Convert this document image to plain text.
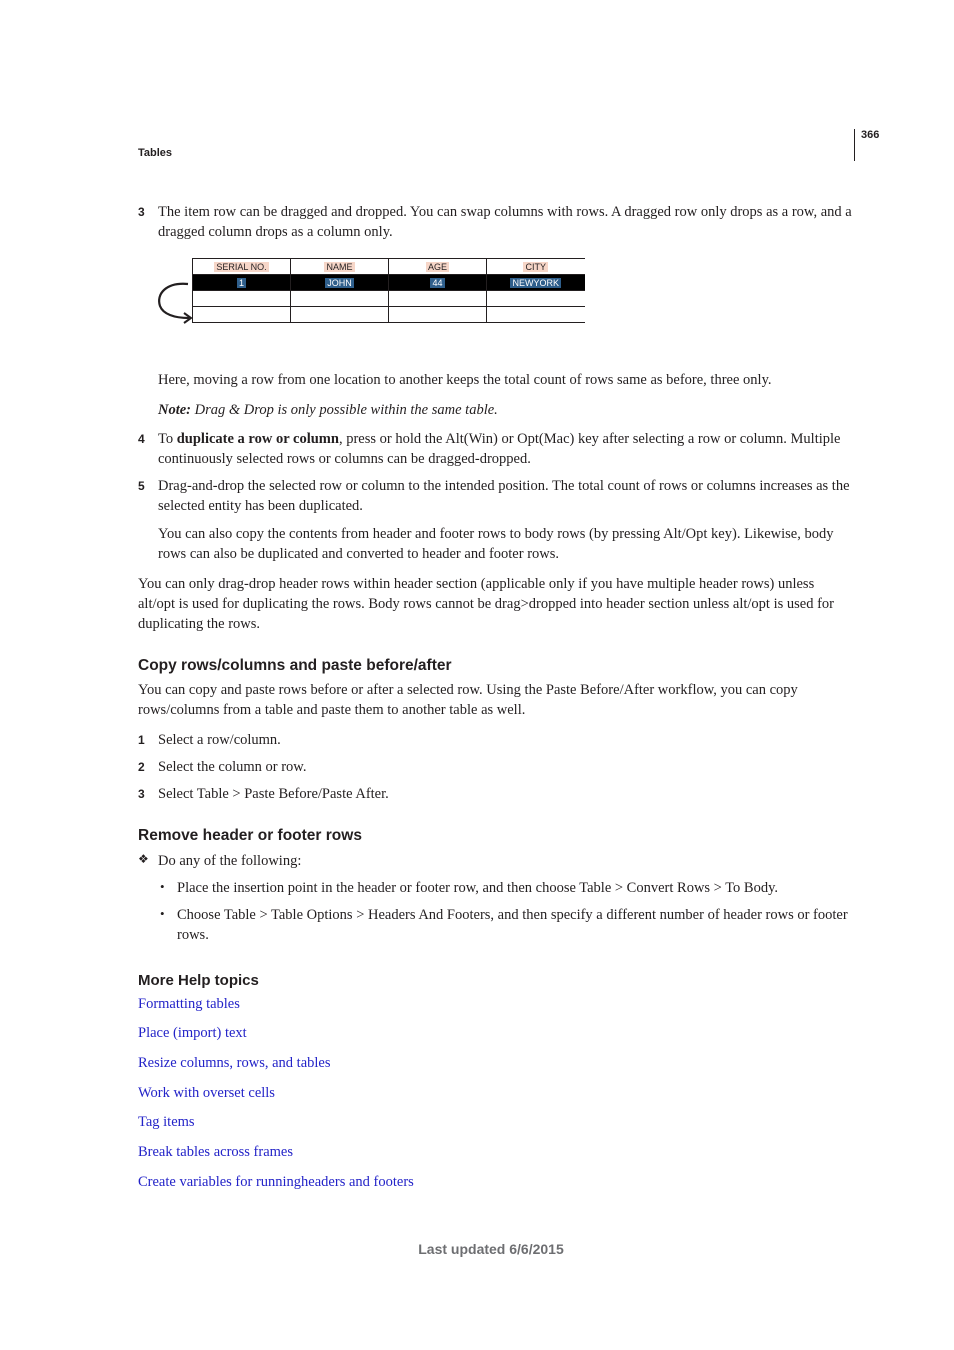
Tables
366
3 The item row can be dragged and dropped. You can swap columns with rows. A dragged row only drops as a row, and a dragged column drops as a column only.
SERIAL NO.	NAME	AGE	CITY
1	JOHN	44	NEWYORK

Here, moving a row from one location to another keeps the total count of rows same as before, three only.
Note: Drag & Drop is only possible within the same table.
4 To duplicate a row or column, press or hold the Alt(Win) or Opt(Mac) key after selecting a row or column. Multiple continuously selected rows or columns can be dragged-dropped.
5 Drag-and-drop the selected row or column to the intended position. The total count of rows or columns increases as the selected entity has been duplicated.
You can also copy the contents from header and footer rows to body rows (by pressing Alt/Opt key). Likewise, body rows can also be duplicated and converted to header and footer rows.
You can only drag-drop header rows within header section (applicable only if you have multiple header rows) unless alt/opt is used for duplicating the rows. Body rows cannot be drag>dropped into header section unless alt/opt is used for duplicating the rows.
Copy rows/columns and paste before/after
You can copy and paste rows before or after a selected row. Using the Paste Before/After workflow, you can copy rows/columns from a table and paste them to another table as well.
1 Select a row/column.
2 Select the column or row.
3 Select Table > Paste Before/Paste After.
Remove header or footer rows
❖ Do any of the following:
• Place the insertion point in the header or footer row, and then choose Table > Convert Rows > To Body.
• Choose Table > Table Options > Headers And Footers, and then specify a different number of header rows or footer rows.
More Help topics
Formatting tables
Place (import) text
Resize columns, rows, and tables
Work with overset cells
Tag items
Break tables across frames
Create variables for runningheaders and footers
Last updated 6/6/2015
